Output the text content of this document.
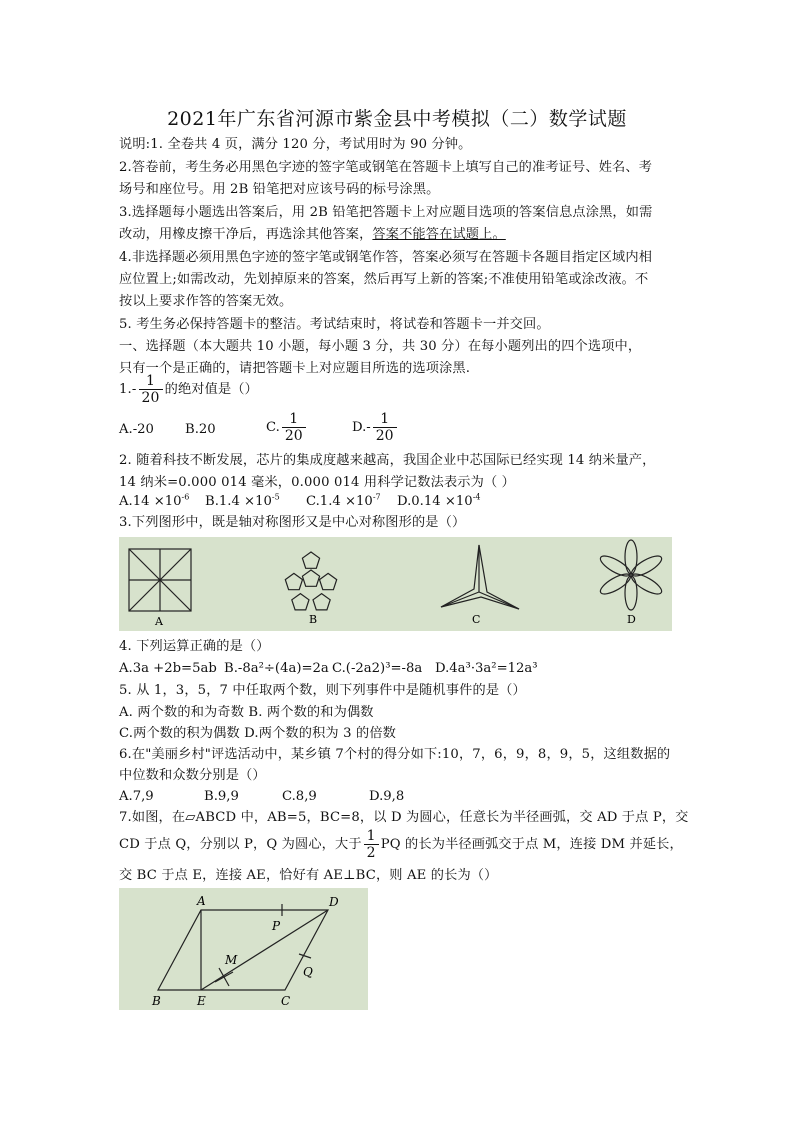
2021年广东省河源市紫金县中考模拟（二）数学试题
说明:1. 全卷共 4 页，满分 120 分，考试用时为 90 分钟。
2.答卷前，考生务必用黑色字迹的签字笔或钢笔在答题卡上填写自己的准考证号、姓名、考
场号和座位号。用 2B 铅笔把对应该号码的标号涂黑。
3.选择题每小题选出答案后，用 2B 铅笔把答题卡上对应题目选项的答案信息点涂黑，如需
改动，用橡皮擦干净后，再选涂其他答案，答案不能答在试题上。
4.非选择题必须用黑色字迹的签字笔或钢笔作答，答案必须写在答题卡各题目指定区域内相
应位置上;如需改动，先划掉原来的答案，然后再写上新的答案;不准使用铅笔或涂改液。不
按以上要求作答的答案无效。
5. 考生务必保持答题卡的整洁。考试结束时，将试卷和答题卡一并交回。
一、选择题（本大题共 10 小题，每小题 3 分，共 30 分）在每小题列出的四个选项中，
只有一个是正确的，请把答题卡上对应题目所选的选项涂黑.
$1.- \frac{1}{20}$ 的绝对值是（）
A.-20 B.20	C. $\frac{1}{20}$	$D.- \frac{1}{20}$
2. 随着科技不断发展，芯片的集成度越来越高，我国企业中芯国际已经实现 14 纳米量产，
14 纳米=0.000 014 毫米，0.000 014 用科学记数法表示为（ ）
$A.14 \times 10^{-6}$ $B.1.4 \times 10^{-5}$ $C.1.4 \times 10^{-7}$ $D.0.14 \times 10^{-4}$
3.下列图形中，既是轴对称图形又是中心对称图形的是（）
A	B	C	D
4. 下列运算正确的是（）
A.3a +2b=5ab B.-8a²÷(4a)=2a C.(-2a2)³=-8a D.4a³·3a²=12a³
5. 从 1，3，5，7 中任取两个数，则下列事件中是随机事件的是（）
A. 两个数的和为奇数 B. 两个数的和为偶数
C.两个数的积为偶数 D.两个数的积为 3 的倍数
6.在"美丽乡村"评选活动中，某乡镇 7个村的得分如下:10，7，6，9，8，9，5，这组数据的
中位数和众数分别是（）
A.7,9	B.9,9	C.8,9	D.9,8
7.如图，在▱ABCD 中，AB=5，BC=8，以 D 为圆心，任意长为半径画弧，交 AD 于点 P，交
CD 于点 Q，分别以 P，Q 为圆心，大于 $\frac{1}{2}$ PQ 的长为半径画弧交于点 M，连接 DM 并延长，
交 BC 于点 E，连接 AE，恰好有 AE⊥BC，则 AE 的长为（）
A	D
P
M
Q
B	E	C
